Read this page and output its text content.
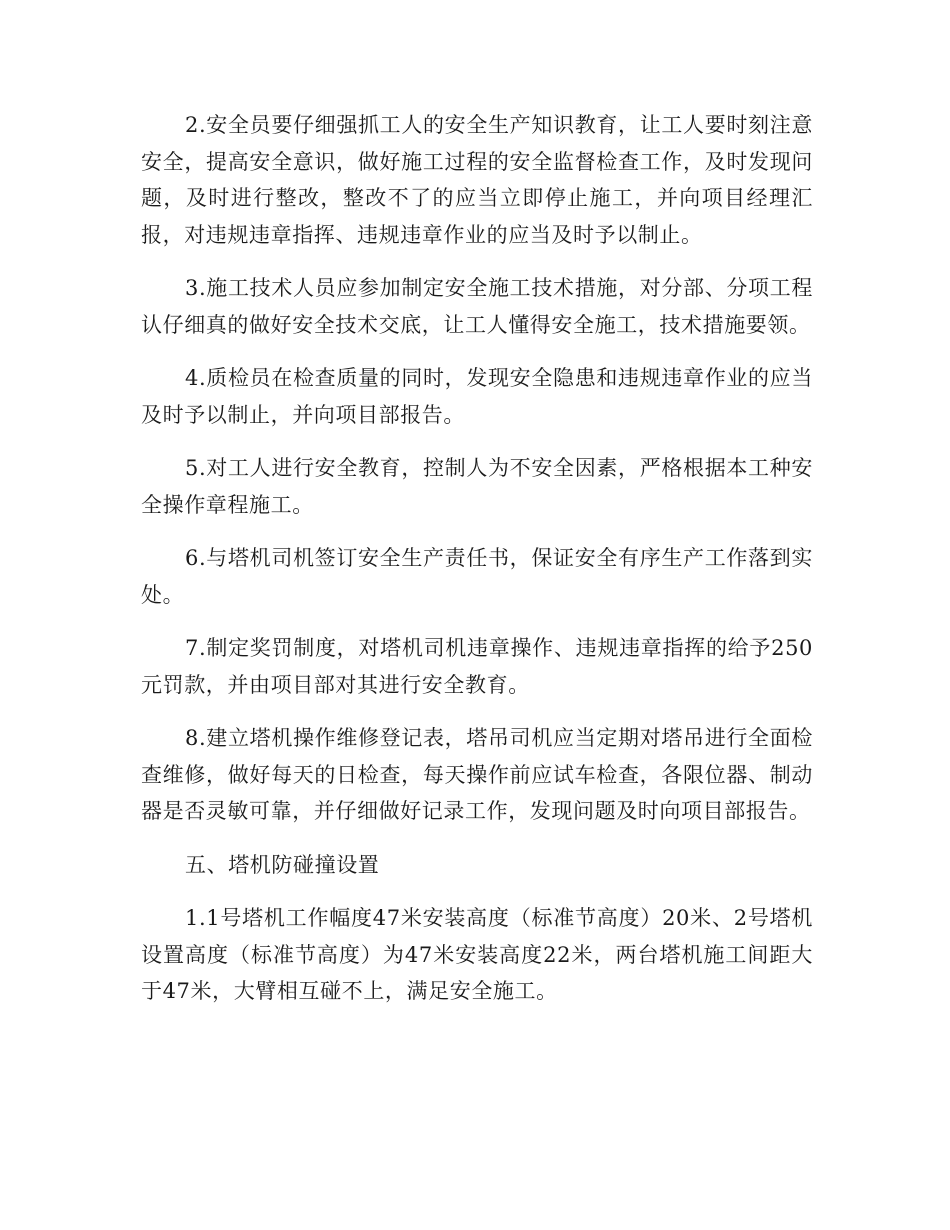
2.安全员要仔细强抓工人的安全生产知识教育，让工人要时刻注意安全，提高安全意识，做好施工过程的安全监督检查工作，及时发现问题，及时进行整改，整改不了的应当立即停止施工，并向项目经理汇报，对违规违章指挥、违规违章作业的应当及时予以制止。

3.施工技术人员应参加制定安全施工技术措施，对分部、分项工程认仔细真的做好安全技术交底，让工人懂得安全施工，技术措施要领。

4.质检员在检查质量的同时，发现安全隐患和违规违章作业的应当及时予以制止，并向项目部报告。

5.对工人进行安全教育，控制人为不安全因素，严格根据本工种安全操作章程施工。

6.与塔机司机签订安全生产责任书，保证安全有序生产工作落到实处。

7.制定奖罚制度，对塔机司机违章操作、违规违章指挥的给予250元罚款，并由项目部对其进行安全教育。

8.建立塔机操作维修登记表，塔吊司机应当定期对塔吊进行全面检查维修，做好每天的日检查，每天操作前应试车检查，各限位器、制动器是否灵敏可靠，并仔细做好记录工作，发现问题及时向项目部报告。

五、塔机防碰撞设置

1.1号塔机工作幅度47米安装高度（标准节高度）20米、2号塔机设置高度（标准节高度）为47米安装高度22米，两台塔机施工间距大于47米，大臂相互碰不上，满足安全施工。
